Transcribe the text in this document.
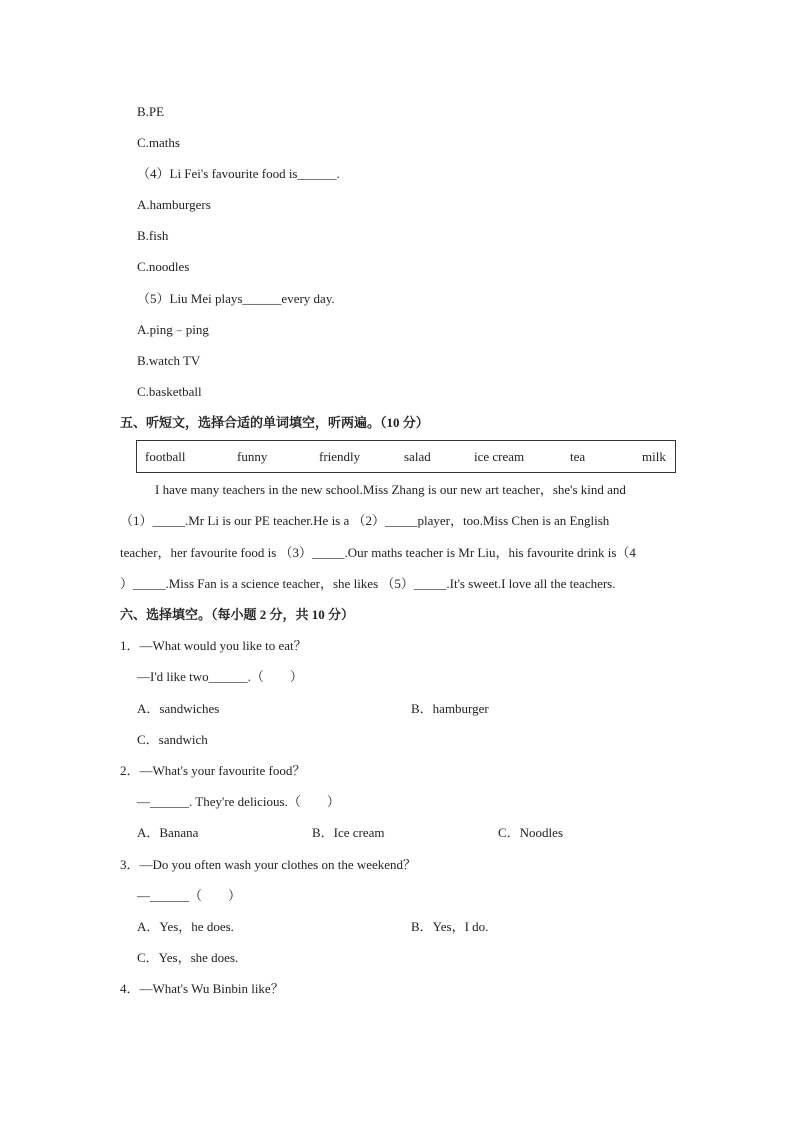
B.PE
C.maths
（4）Li Fei's favourite food is______.
A.hamburgers
B.fish
C.noodles
（5）Liu Mei plays______every day.
A.ping﹣ping
B.watch TV
C.basketball
五、听短文，选择合适的单词填空，听两遍。（10 分）
football	funny	friendly	salad	ice cream	tea	milk
I have many teachers in the new school.Miss Zhang is our new art teacher，she's kind and
（1）_____.Mr Li is our PE teacher.He is a （2）_____player，too.Miss Chen is an English
teacher，her favourite food is （3）_____.Our maths teacher is Mr Liu，his favourite drink is（4
）_____.Miss Fan is a science teacher，she likes （5）_____.It's sweet.I love all the teachers.
六、选择填空。（每小题 2 分，共 10 分）
1．—What would you like to eat？
—I'd like two______.（　　）
A．sandwiches	B．hamburger
C．sandwich
2．—What's your favourite food？
—______. They're delicious.（　　）
A．Banana	B．Ice cream	C．Noodles
3．—Do you often wash your clothes on the weekend？
—______（　　）
A．Yes，he does.	B．Yes，I do.
C．Yes，she does.
4．—What's Wu Binbin like？
